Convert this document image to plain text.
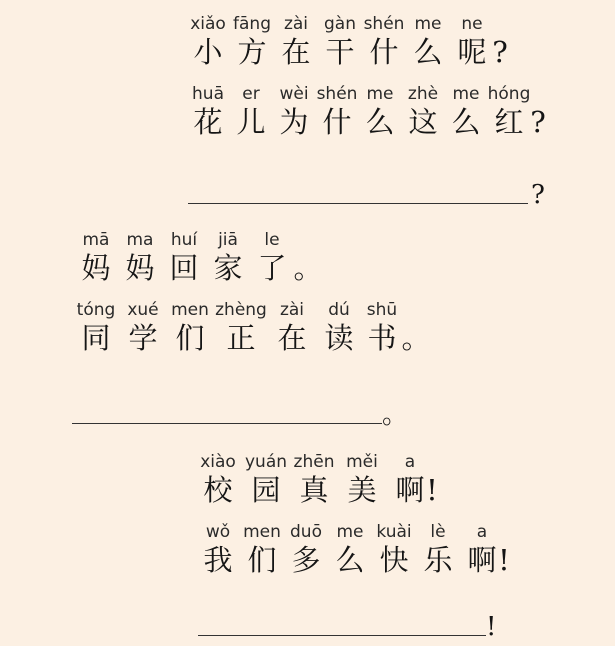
xiǎo
小
fāng
方
zài
在
gàn
干
shén
什
me
么
ne
呢 ?
huā
花
er
儿
wèi
为
shén
什
me
么
zhè
这
me
么
hóng
红 ?
?
mā
妈
ma
妈
huí
回
jiā
家
le
了 。
tóng
同
xué
学
men
们
zhèng
正
zài
在
dú
读
shū
书 。
。
xiào
校
yuán
园
zhēn
真
měi
美
a
啊 !
wǒ
我
men
们
duō
多
me
么
kuài
快
lè
乐
a
啊 !
!
